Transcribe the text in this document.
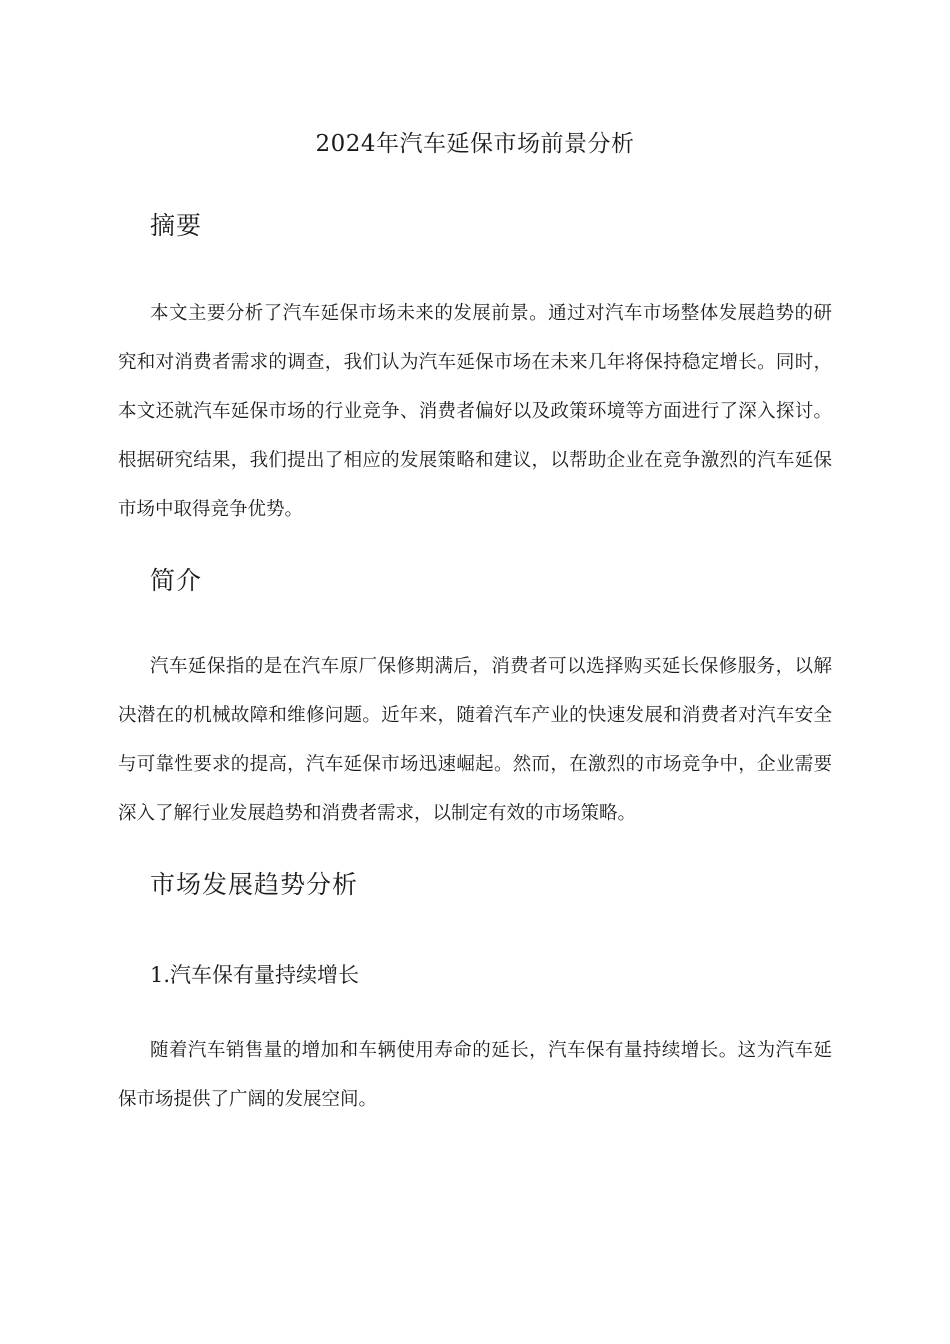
2024年汽车延保市场前景分析
摘要
本文主要分析了汽车延保市场未来的发展前景。通过对汽车市场整体发展趋势的研究和对消费者需求的调查，我们认为汽车延保市场在未来几年将保持稳定增长。同时，本文还就汽车延保市场的行业竞争、消费者偏好以及政策环境等方面进行了深入探讨。根据研究结果，我们提出了相应的发展策略和建议，以帮助企业在竞争激烈的汽车延保市场中取得竞争优势。
简介
汽车延保指的是在汽车原厂保修期满后，消费者可以选择购买延长保修服务，以解决潜在的机械故障和维修问题。近年来，随着汽车产业的快速发展和消费者对汽车安全与可靠性要求的提高，汽车延保市场迅速崛起。然而，在激烈的市场竞争中，企业需要深入了解行业发展趋势和消费者需求，以制定有效的市场策略。
市场发展趋势分析
1.汽车保有量持续增长
随着汽车销售量的增加和车辆使用寿命的延长，汽车保有量持续增长。这为汽车延保市场提供了广阔的发展空间。
